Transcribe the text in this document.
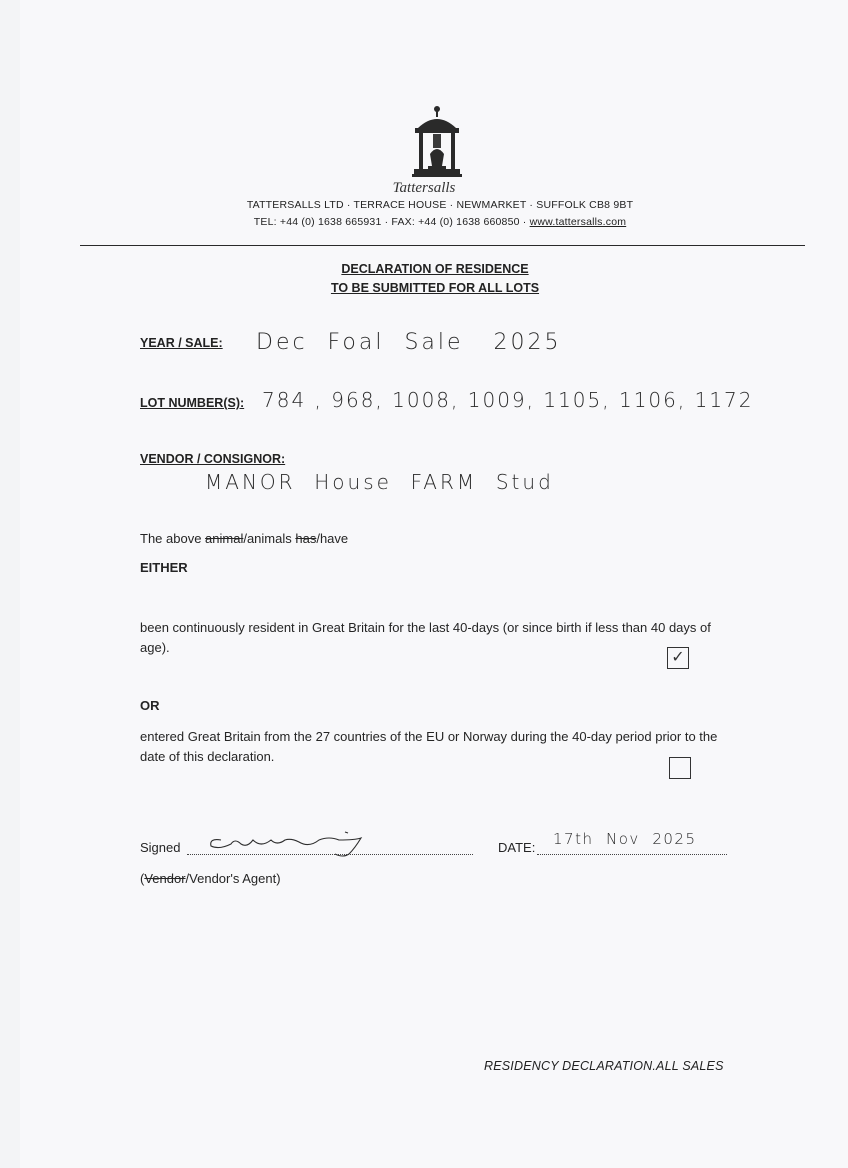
Tattersalls
TATTERSALLS LTD · TERRACE HOUSE · NEWMARKET · SUFFOLK CB8 9BT
TEL: +44 (0) 1638 665931 · FAX: +44 (0) 1638 660850 · www.tattersalls.com
DECLARATION OF RESIDENCE
TO BE SUBMITTED FOR ALL LOTS
YEAR / SALE: Dec  Foal  Sale   2025
LOT NUMBER(S): 784 , 968, 1008, 1009, 1105, 1106, 1172
VENDOR / CONSIGNOR:
MANOR  House  FARM  Stud
The above animal/animals has/have
EITHER
been continuously resident in Great Britain for the last 40-days (or since birth if less than 40 days of age).
✓
OR
entered Great Britain from the 27 countries of the EU or Norway during the 40-day period prior to the date of this declaration.
Signed	DATE: 17th  Nov  2025
(Vendor/Vendor's Agent)
RESIDENCY DECLARATION.ALL SALES
